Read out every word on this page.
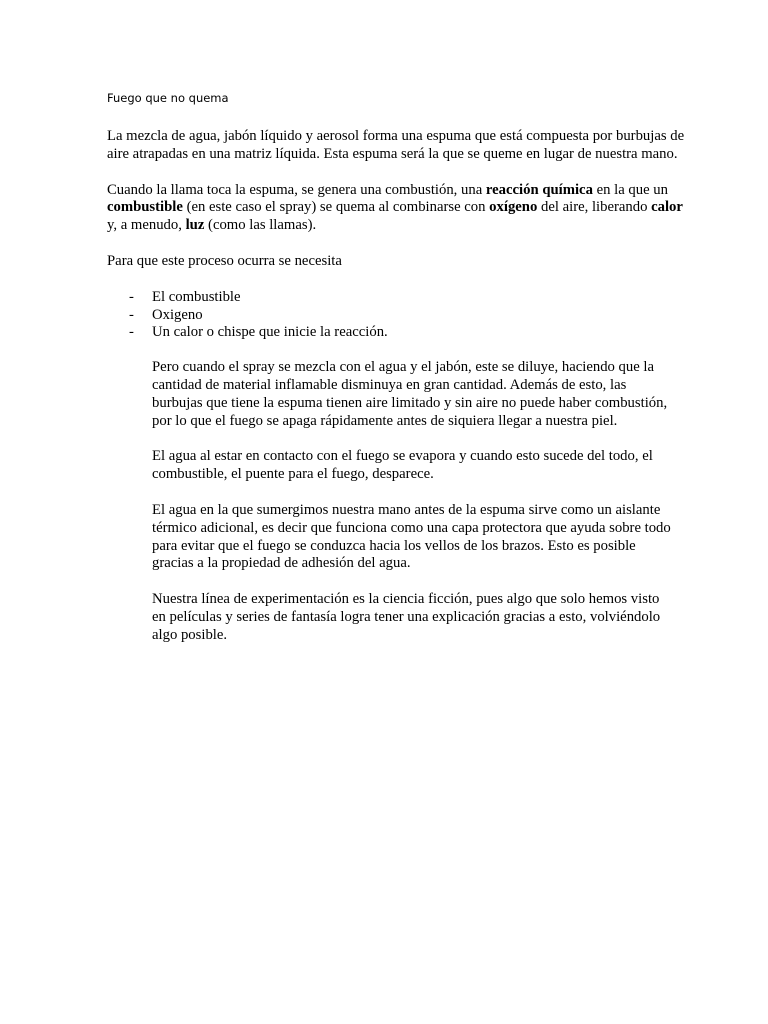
Fuego que no quema

La mezcla de agua, jabón líquido y aerosol forma una espuma que está compuesta por burbujas de aire atrapadas en una matriz líquida. Esta espuma será la que se queme en lugar de nuestra mano.

Cuando la llama toca la espuma, se genera una combustión, una reacción química en la que un combustible (en este caso el spray) se quema al combinarse con oxígeno del aire, liberando calor y, a menudo, luz (como las llamas).

Para que este proceso ocurra se necesita

- El combustible
- Oxigeno
- Un calor o chispe que inicie la reacción.

Pero cuando el spray se mezcla con el agua y el jabón, este se diluye, haciendo que la cantidad de material inflamable disminuya en gran cantidad. Además de esto, las burbujas que tiene la espuma tienen aire limitado y sin aire no puede haber combustión, por lo que el fuego se apaga rápidamente antes de siquiera llegar a nuestra piel.

El agua al estar en contacto con el fuego se evapora y cuando esto sucede del todo, el combustible, el puente para el fuego, desparece.

El agua en la que sumergimos nuestra mano antes de la espuma sirve como un aislante térmico adicional, es decir que funciona como una capa protectora que ayuda sobre todo para evitar que el fuego se conduzca hacia los vellos de los brazos. Esto es posible gracias a la propiedad de adhesión del agua.

Nuestra línea de experimentación es la ciencia ficción, pues algo que solo hemos visto en películas y series de fantasía logra tener una explicación gracias a esto, volviéndolo algo posible.
